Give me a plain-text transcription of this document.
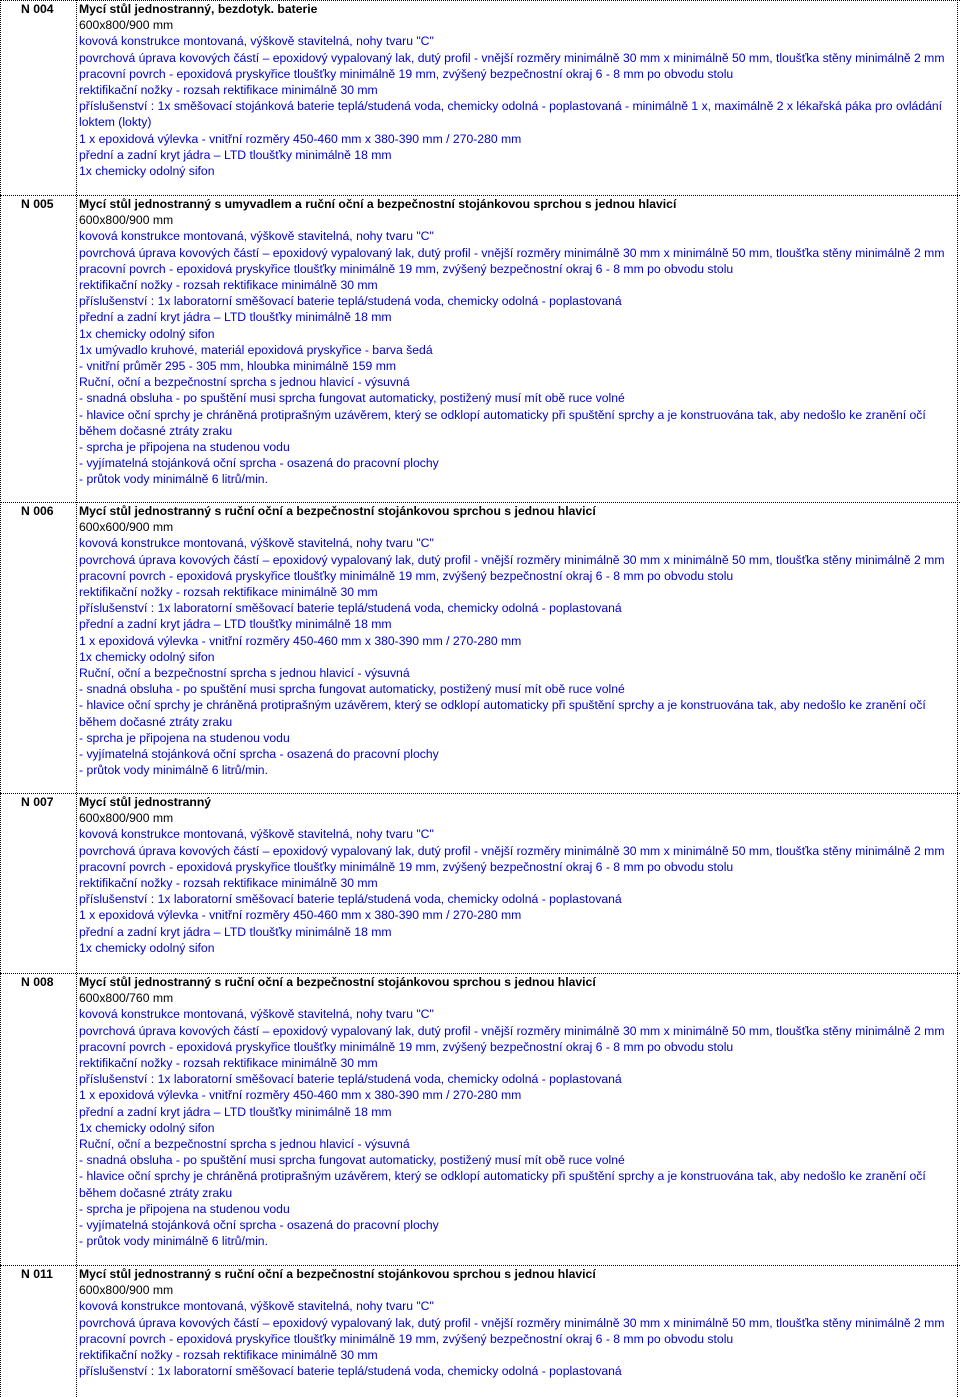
N 004	Mycí stůl jednostranný, bezdotyk. baterie
600x800/900 mm
kovová konstrukce montovaná, výškově stavitelná, nohy tvaru "C"
povrchová úprava kovových částí – epoxidový vypalovaný lak, dutý profil - vnější rozměry minimálně 30 mm x minimálně 50 mm, tloušťka stěny minimálně 2 mm
pracovní povrch - epoxidová pryskyřice tloušťky minimálně 19 mm, zvýšený bezpečnostní okraj 6 - 8 mm po obvodu stolu
rektifikační nožky - rozsah rektifikace minimálně 30 mm
příslušenství : 1x směšovací stojánková baterie teplá/studená voda, chemicky odolná - poplastovaná - minimálně 1 x, maximálně 2 x lékařská páka pro ovládání loktem (lokty)
1 x epoxidová výlevka - vnitřní rozměry 450-460 mm x 380-390 mm / 270-280 mm
přední a zadní kryt jádra – LTD tloušťky minimálně 18 mm
1x chemicky odolný sifon
N 005	Mycí stůl jednostranný s umyvadlem a ruční oční a bezpečnostní stojánkovou sprchou s jednou hlavicí
600x800/900 mm
kovová konstrukce montovaná, výškově stavitelná, nohy tvaru "C"
povrchová úprava kovových částí – epoxidový vypalovaný lak, dutý profil - vnější rozměry minimálně 30 mm x minimálně 50 mm, tloušťka stěny minimálně 2 mm
pracovní povrch - epoxidová pryskyřice tloušťky minimálně 19 mm, zvýšený bezpečnostní okraj 6 - 8 mm po obvodu stolu
rektifikační nožky - rozsah rektifikace minimálně 30 mm
příslušenství : 1x laboratorní směšovací baterie teplá/studená voda, chemicky odolná - poplastovaná
přední a zadní kryt jádra – LTD tloušťky minimálně 18 mm
1x chemicky odolný sifon
1x umývadlo kruhové, materiál epoxidová pryskyřice - barva šedá
- vnitřní průměr 295 - 305 mm, hloubka minimálně 159 mm
Ruční, oční a bezpečnostní sprcha s jednou hlavicí - výsuvná
- snadná obsluha - po spuštění musi sprcha fungovat automaticky, postižený musí mít obě ruce volné
- hlavice oční sprchy je chráněná protiprašným uzávěrem, který se odklopí automaticky při spuštění sprchy a je konstruována tak, aby nedošlo ke zranění očí během dočasné ztráty zraku
- sprcha je připojena na studenou vodu
- vyjímatelná stojánková oční sprcha - osazená do pracovní plochy
- průtok vody minimálně 6 litrů/min.
N 006	Mycí stůl jednostranný s ruční oční a bezpečnostní stojánkovou sprchou s jednou hlavicí
600x600/900 mm
kovová konstrukce montovaná, výškově stavitelná, nohy tvaru "C"
povrchová úprava kovových částí – epoxidový vypalovaný lak, dutý profil - vnější rozměry minimálně 30 mm x minimálně 50 mm, tloušťka stěny minimálně 2 mm
pracovní povrch - epoxidová pryskyřice tloušťky minimálně 19 mm, zvýšený bezpečnostní okraj 6 - 8 mm po obvodu stolu
rektifikační nožky - rozsah rektifikace minimálně 30 mm
příslušenství : 1x laboratorní směšovací baterie teplá/studená voda, chemicky odolná - poplastovaná
přední a zadní kryt jádra – LTD tloušťky minimálně 18 mm
1 x epoxidová výlevka - vnitřní rozměry 450-460 mm x 380-390 mm / 270-280 mm
1x chemicky odolný sifon
Ruční, oční a bezpečnostní sprcha s jednou hlavicí - výsuvná
- snadná obsluha - po spuštění musi sprcha fungovat automaticky, postižený musí mít obě ruce volné
- hlavice oční sprchy je chráněná protiprašným uzávěrem, který se odklopí automaticky při spuštění sprchy a je konstruována tak, aby nedošlo ke zranění očí během dočasné ztráty zraku
- sprcha je připojena na studenou vodu
- vyjímatelná stojánková oční sprcha - osazená do pracovní plochy
- průtok vody minimálně 6 litrů/min.
N 007	Mycí stůl jednostranný
600x800/900 mm
kovová konstrukce montovaná, výškově stavitelná, nohy tvaru "C"
povrchová úprava kovových částí – epoxidový vypalovaný lak, dutý profil - vnější rozměry minimálně 30 mm x minimálně 50 mm, tloušťka stěny minimálně 2 mm
pracovní povrch - epoxidová pryskyřice tloušťky minimálně 19 mm, zvýšený bezpečnostní okraj 6 - 8 mm po obvodu stolu
rektifikační nožky - rozsah rektifikace minimálně 30 mm
příslušenství : 1x laboratorní směšovací baterie teplá/studená voda, chemicky odolná - poplastovaná
1 x epoxidová výlevka - vnitřní rozměry 450-460 mm x 380-390 mm / 270-280 mm
přední a zadní kryt jádra – LTD tloušťky minimálně 18 mm
1x chemicky odolný sifon
N 008	Mycí stůl jednostranný s ruční oční a bezpečnostní stojánkovou sprchou s jednou hlavicí
600x800/760 mm
kovová konstrukce montovaná, výškově stavitelná, nohy tvaru "C"
povrchová úprava kovových částí – epoxidový vypalovaný lak, dutý profil - vnější rozměry minimálně 30 mm x minimálně 50 mm, tloušťka stěny minimálně 2 mm
pracovní povrch - epoxidová pryskyřice tloušťky minimálně 19 mm, zvýšený bezpečnostní okraj 6 - 8 mm po obvodu stolu
rektifikační nožky - rozsah rektifikace minimálně 30 mm
příslušenství : 1x laboratorní směšovací baterie teplá/studená voda, chemicky odolná - poplastovaná
1 x epoxidová výlevka - vnitřní rozměry 450-460 mm x 380-390 mm / 270-280 mm
přední a zadní kryt jádra – LTD tloušťky minimálně 18 mm
1x chemicky odolný sifon
Ruční, oční a bezpečnostní sprcha s jednou hlavicí - výsuvná
- snadná obsluha - po spuštění musi sprcha fungovat automaticky, postižený musí mít obě ruce volné
- hlavice oční sprchy je chráněná protiprašným uzávěrem, který se odklopí automaticky při spuštění sprchy a je konstruována tak, aby nedošlo ke zranění očí během dočasné ztráty zraku
- sprcha je připojena na studenou vodu
- vyjímatelná stojánková oční sprcha - osazená do pracovní plochy
- průtok vody minimálně 6 litrů/min.
N 011	Mycí stůl jednostranný s ruční oční a bezpečnostní stojánkovou sprchou s jednou hlavicí
600x800/900 mm
kovová konstrukce montovaná, výškově stavitelná, nohy tvaru "C"
povrchová úprava kovových částí – epoxidový vypalovaný lak, dutý profil - vnější rozměry minimálně 30 mm x minimálně 50 mm, tloušťka stěny minimálně 2 mm
pracovní povrch - epoxidová pryskyřice tloušťky minimálně 19 mm, zvýšený bezpečnostní okraj 6 - 8 mm po obvodu stolu
rektifikační nožky - rozsah rektifikace minimálně 30 mm
příslušenství : 1x laboratorní směšovací baterie teplá/studená voda, chemicky odolná - poplastovaná
